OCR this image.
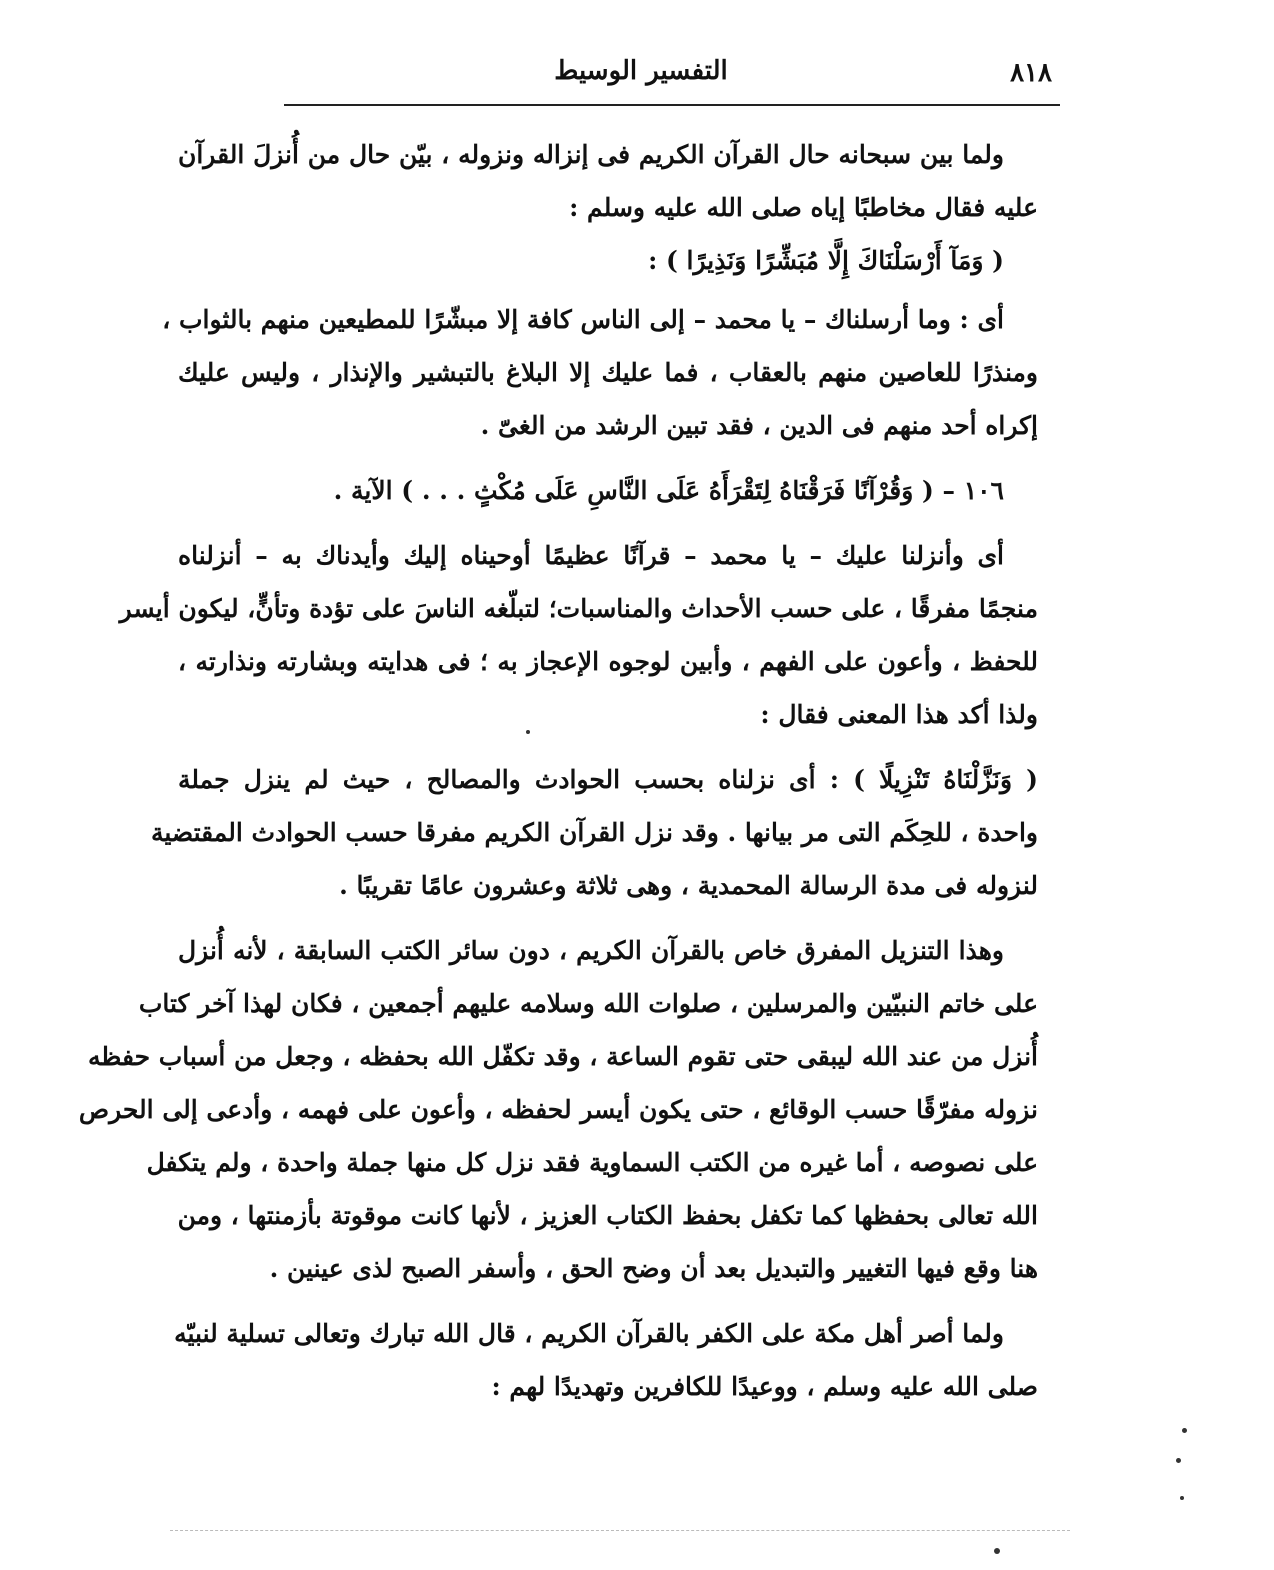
٨١٨
التفسير الوسيط
ولما بين سبحانه حال القرآن الكريم فى إنزاله ونزوله ، بيّن حال من أُنزلَ القرآن
عليه فقال مخاطبًا إياه صلى الله عليه وسلم :
( وَمَآ أَرْسَلْنَاكَ إِلَّا مُبَشِّرًا وَنَذِيرًا ) :
أى : وما أرسلناك – يا محمد – إلى الناس كافة إلا مبشّرًا للمطيعين منهم بالثواب ،
ومنذرًا للعاصين منهم بالعقاب ، فما عليك إلا البلاغ بالتبشير والإنذار ، وليس عليك
إكراه أحد منهم فى الدين ، فقد تبين الرشد من الغىّ .
١٠٦ – ( وَقُرْآنًا فَرَقْنَاهُ لِتَقْرَأَهُ عَلَى النَّاسِ عَلَى مُكْثٍ . . . ) الآية .
أى وأنزلنا عليك – يا محمد – قرآنًا عظيمًا أوحيناه إليك وأيدناك به – أنزلناه
منجمًا مفرقًا ، على حسب الأحداث والمناسبات؛ لتبلّغه الناسَ على تؤدة وتأنٍّ، ليكون أيسر
للحفظ ، وأعون على الفهم ، وأبين لوجوه الإعجاز به ؛ فى هدايته وبشارته ونذارته ،
ولذا أكد هذا المعنى فقال :
( وَنَزَّلْنَاهُ تَنْزِيلًا ) : أى نزلناه بحسب الحوادث والمصالح ، حيث لم ينزل جملة
واحدة ، للحِكَم التى مر بيانها . وقد نزل القرآن الكريم مفرقا حسب الحوادث المقتضية
لنزوله فى مدة الرسالة المحمدية ، وهى ثلاثة وعشرون عامًا تقريبًا .
وهذا التنزيل المفرق خاص بالقرآن الكريم ، دون سائر الكتب السابقة ، لأنه أُنزل
على خاتم النبيّين والمرسلين ، صلوات الله وسلامه عليهم أجمعين ، فكان لهذا آخر كتاب
أُنزل من عند الله ليبقى حتى تقوم الساعة ، وقد تكفّل الله بحفظه ، وجعل من أسباب حفظه
نزوله مفرّقًا حسب الوقائع ، حتى يكون أيسر لحفظه ، وأعون على فهمه ، وأدعى إلى الحرص
على نصوصه ، أما غيره من الكتب السماوية فقد نزل كل منها جملة واحدة ، ولم يتكفل
الله تعالى بحفظها كما تكفل بحفظ الكتاب العزيز ، لأنها كانت موقوتة بأزمنتها ، ومن
هنا وقع فيها التغيير والتبديل بعد أن وضح الحق ، وأسفر الصبح لذى عينين .
ولما أصر أهل مكة على الكفر بالقرآن الكريم ، قال الله تبارك وتعالى تسلية لنبيّه
صلى الله عليه وسلم ، ووعيدًا للكافرين وتهديدًا لهم :
